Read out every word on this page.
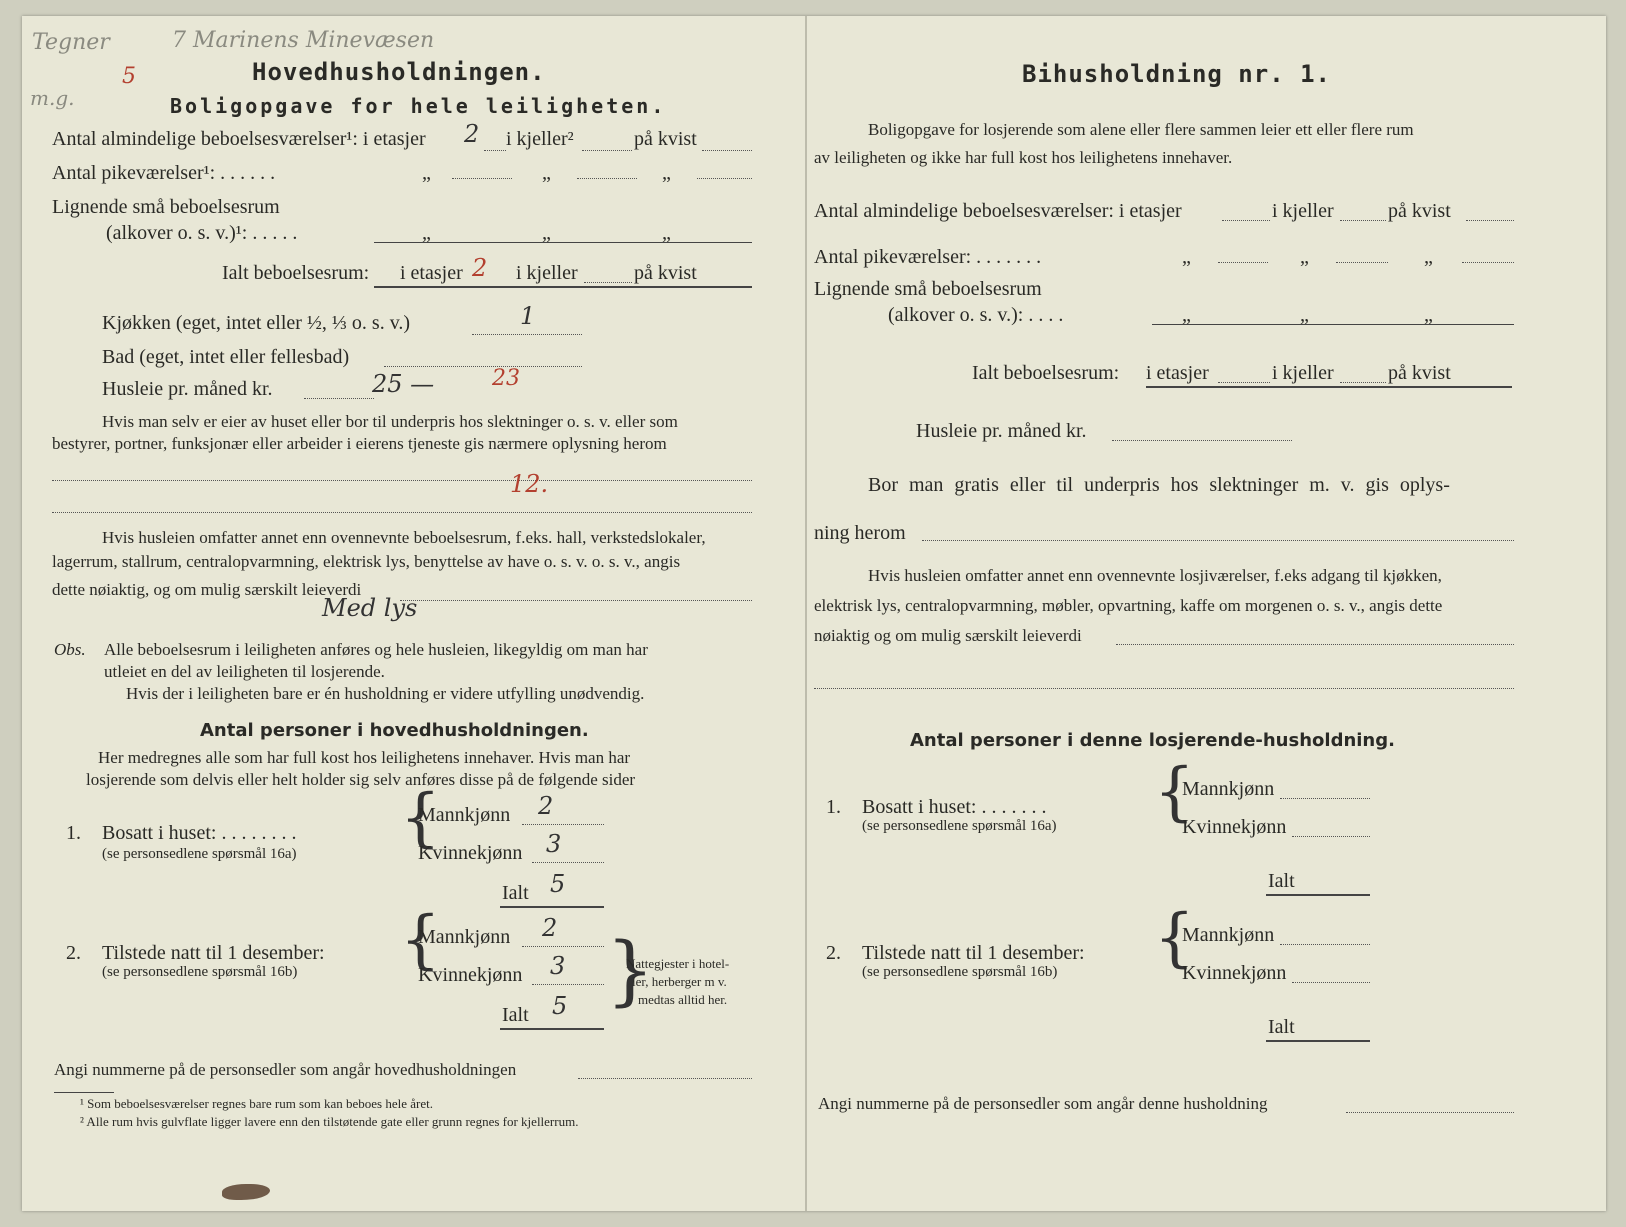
Tegner	7 Marinens Minevæsen
m.g.
5	Hovedhusholdningen.
Boligopgave for hele leiligheten.
Antal almindelige beboelsesværelser¹: i etasjer 2 i kjeller²	på kvist
Antal pikeværelser¹: . . . . . .	„	„	„
Lignende små beboelsesrum
(alkover o. s. v.)¹: . . . . .	„	„	„
Ialt beboelsesrum: i etasjer 2 i kjeller	på kvist
Kjøkken (eget, intet eller ½, ⅓ o. s. v.)	1
Bad (eget, intet eller fellesbad)
Husleie pr. måned kr.	25 —	23
Hvis man selv er eier av huset eller bor til underpris hos slektninger o. s. v. eller som
bestyrer, portner, funksjonær eller arbeider i eierens tjeneste gis nærmere oplysning herom
12.
Hvis husleien omfatter annet enn ovennevnte beboelsesrum, f.eks. hall, verkstedslokaler,
lagerrum, stallrum, centralopvarmning, elektrisk lys, benyttelse av have o. s. v. o. s. v., angis
dette nøiaktig, og om mulig særskilt leieverdi
Med lys
Obs. Alle beboelsesrum i leiligheten anføres og hele husleien, likegyldig om man har
utleiet en del av leiligheten til losjerende.
Hvis der i leiligheten bare er én husholdning er videre utfylling unødvendig.
Antal personer i hovedhusholdningen.
Her medregnes alle som har full kost hos leilighetens innehaver. Hvis man har
losjerende som delvis eller helt holder sig selv anføres disse på de følgende sider
1. Bosatt i huset: . . . . . . . .
(se personsedlene spørsmål 16a) {
Mannkjønn 2
Kvinnekjønn 3
Ialt 5
2. Tilstede natt til 1 desember:
(se personsedlene spørsmål 16b) {
Mannkjønn 2
Kvinnekjønn 3
Ialt 5 }
Nattegjester i hotel-
ler, herberger m v.
medtas alltid her.
Angi nummerne på de personsedler som angår hovedhusholdningen
¹ Som beboelsesværelser regnes bare rum som kan beboes hele året.
² Alle rum hvis gulvflate ligger lavere enn den tilstøtende gate eller grunn regnes for kjellerrum.
Bihusholdning nr. 1.
Boligopgave for losjerende som alene eller flere sammen leier ett eller flere rum
av leiligheten og ikke har full kost hos leilighetens innehaver.
Antal almindelige beboelsesværelser: i etasjer	i kjeller	på kvist
Antal pikeværelser: . . . . . . .	„	„	„
Lignende små beboelsesrum
(alkover o. s. v.): . . . .	„	„	„
Ialt beboelsesrum: i etasjer	i kjeller	på kvist
Husleie pr. måned kr.
Bor man gratis eller til underpris hos slektninger m. v. gis oplys-
ning herom
Hvis husleien omfatter annet enn ovennevnte losjiværelser, f.eks adgang til kjøkken,
elektrisk lys, centralopvarmning, møbler, opvartning, kaffe om morgenen o. s. v., angis dette
nøiaktig og om mulig særskilt leieverdi
Antal personer i denne losjerende-husholdning.
1. Bosatt i huset: . . . . . . .
(se personsedlene spørsmål 16a) {
Mannkjønn
Kvinnekjønn
Ialt
2. Tilstede natt til 1 desember:
(se personsedlene spørsmål 16b) {
Mannkjønn
Kvinnekjønn
Ialt
Angi nummerne på de personsedler som angår denne husholdning
